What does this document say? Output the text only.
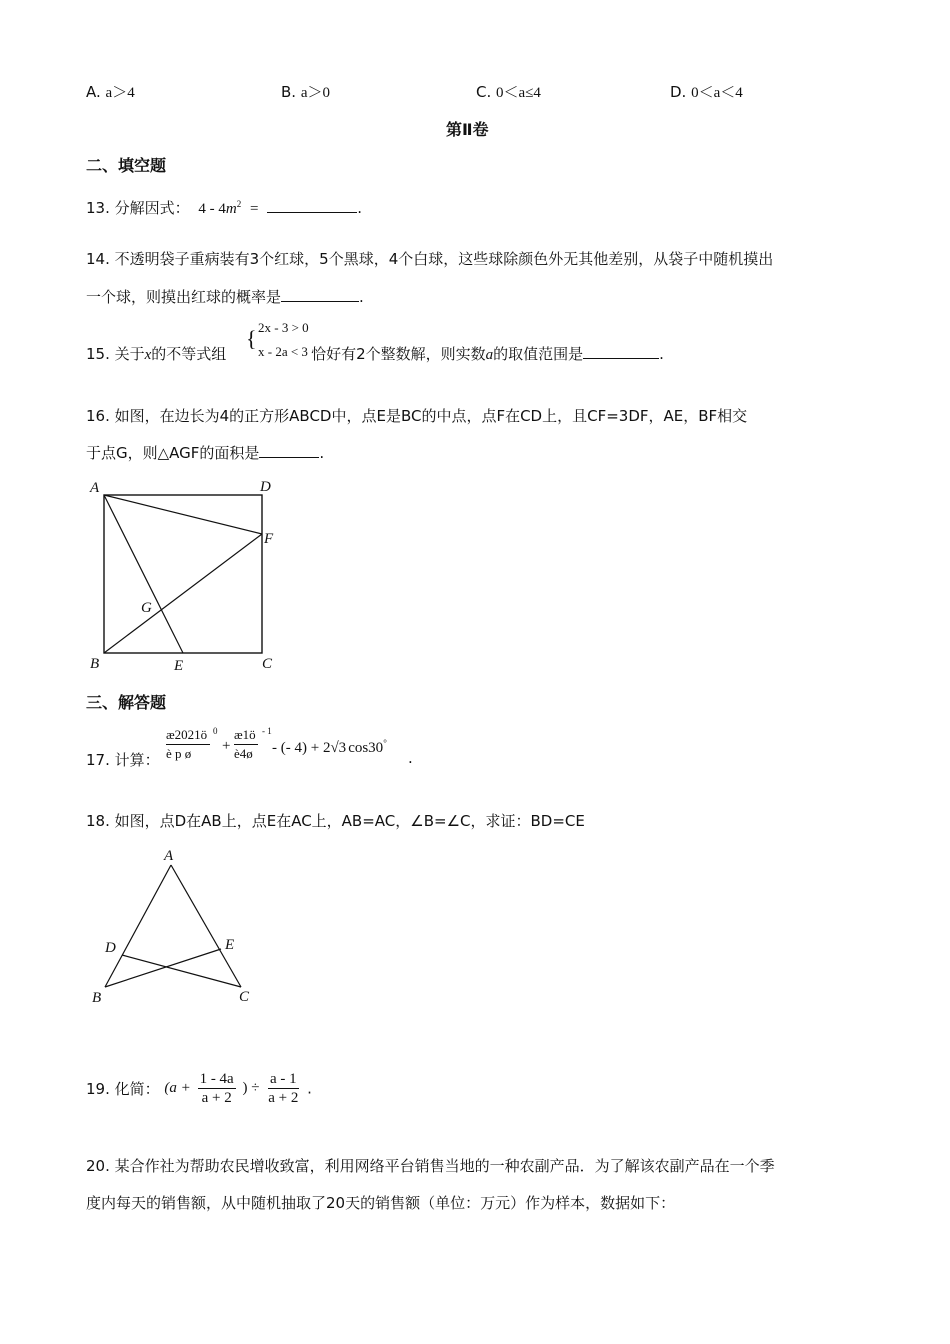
A. a＞4	B. a＞0	C. 0＜a≤4	D. 0＜a＜4
第Ⅱ卷
二、填空题
13. 分解因式： $4 - 4m^2$ =	.
14. 不透明袋子重病装有3个红球，5个黑球，4个白球，这些球除颜色外无其他差别，从袋子中随机摸出
一个球，则摸出红球的概率是	.
15. 关于x的不等式组	恰好有2个整数解，则实数a的取值范围是	.
{ 2x - 3 > 0
x - 2a < 3
16. 如图，在边长为4的正方形ABCD中，点E是BC的中点，点F在CD上，且CF=3DF，AE，BF相交
于点G，则△AGF的面积是	.
A	D
F
G
B	E	C
三、解答题
17. 计算：
æ2021ö
è p ø
0
+
æ1ö
è4ø
- 1
- (- 4) + 2√3 cos30°
.
18. 如图，点D在AB上，点E在AC上，AB=AC，∠B=∠C，求证：BD=CE
A
D	E
B	C
19. 化简： ($a + \frac{1 - 4a}{a + 2}$ ) ÷ $\frac{a - 1}{a + 2}$ .
20. 某合作社为帮助农民增收致富，利用网络平台销售当地的一种农副产品．为了解该农副产品在一个季
度内每天的销售额，从中随机抽取了20天的销售额（单位：万元）作为样本，数据如下：
